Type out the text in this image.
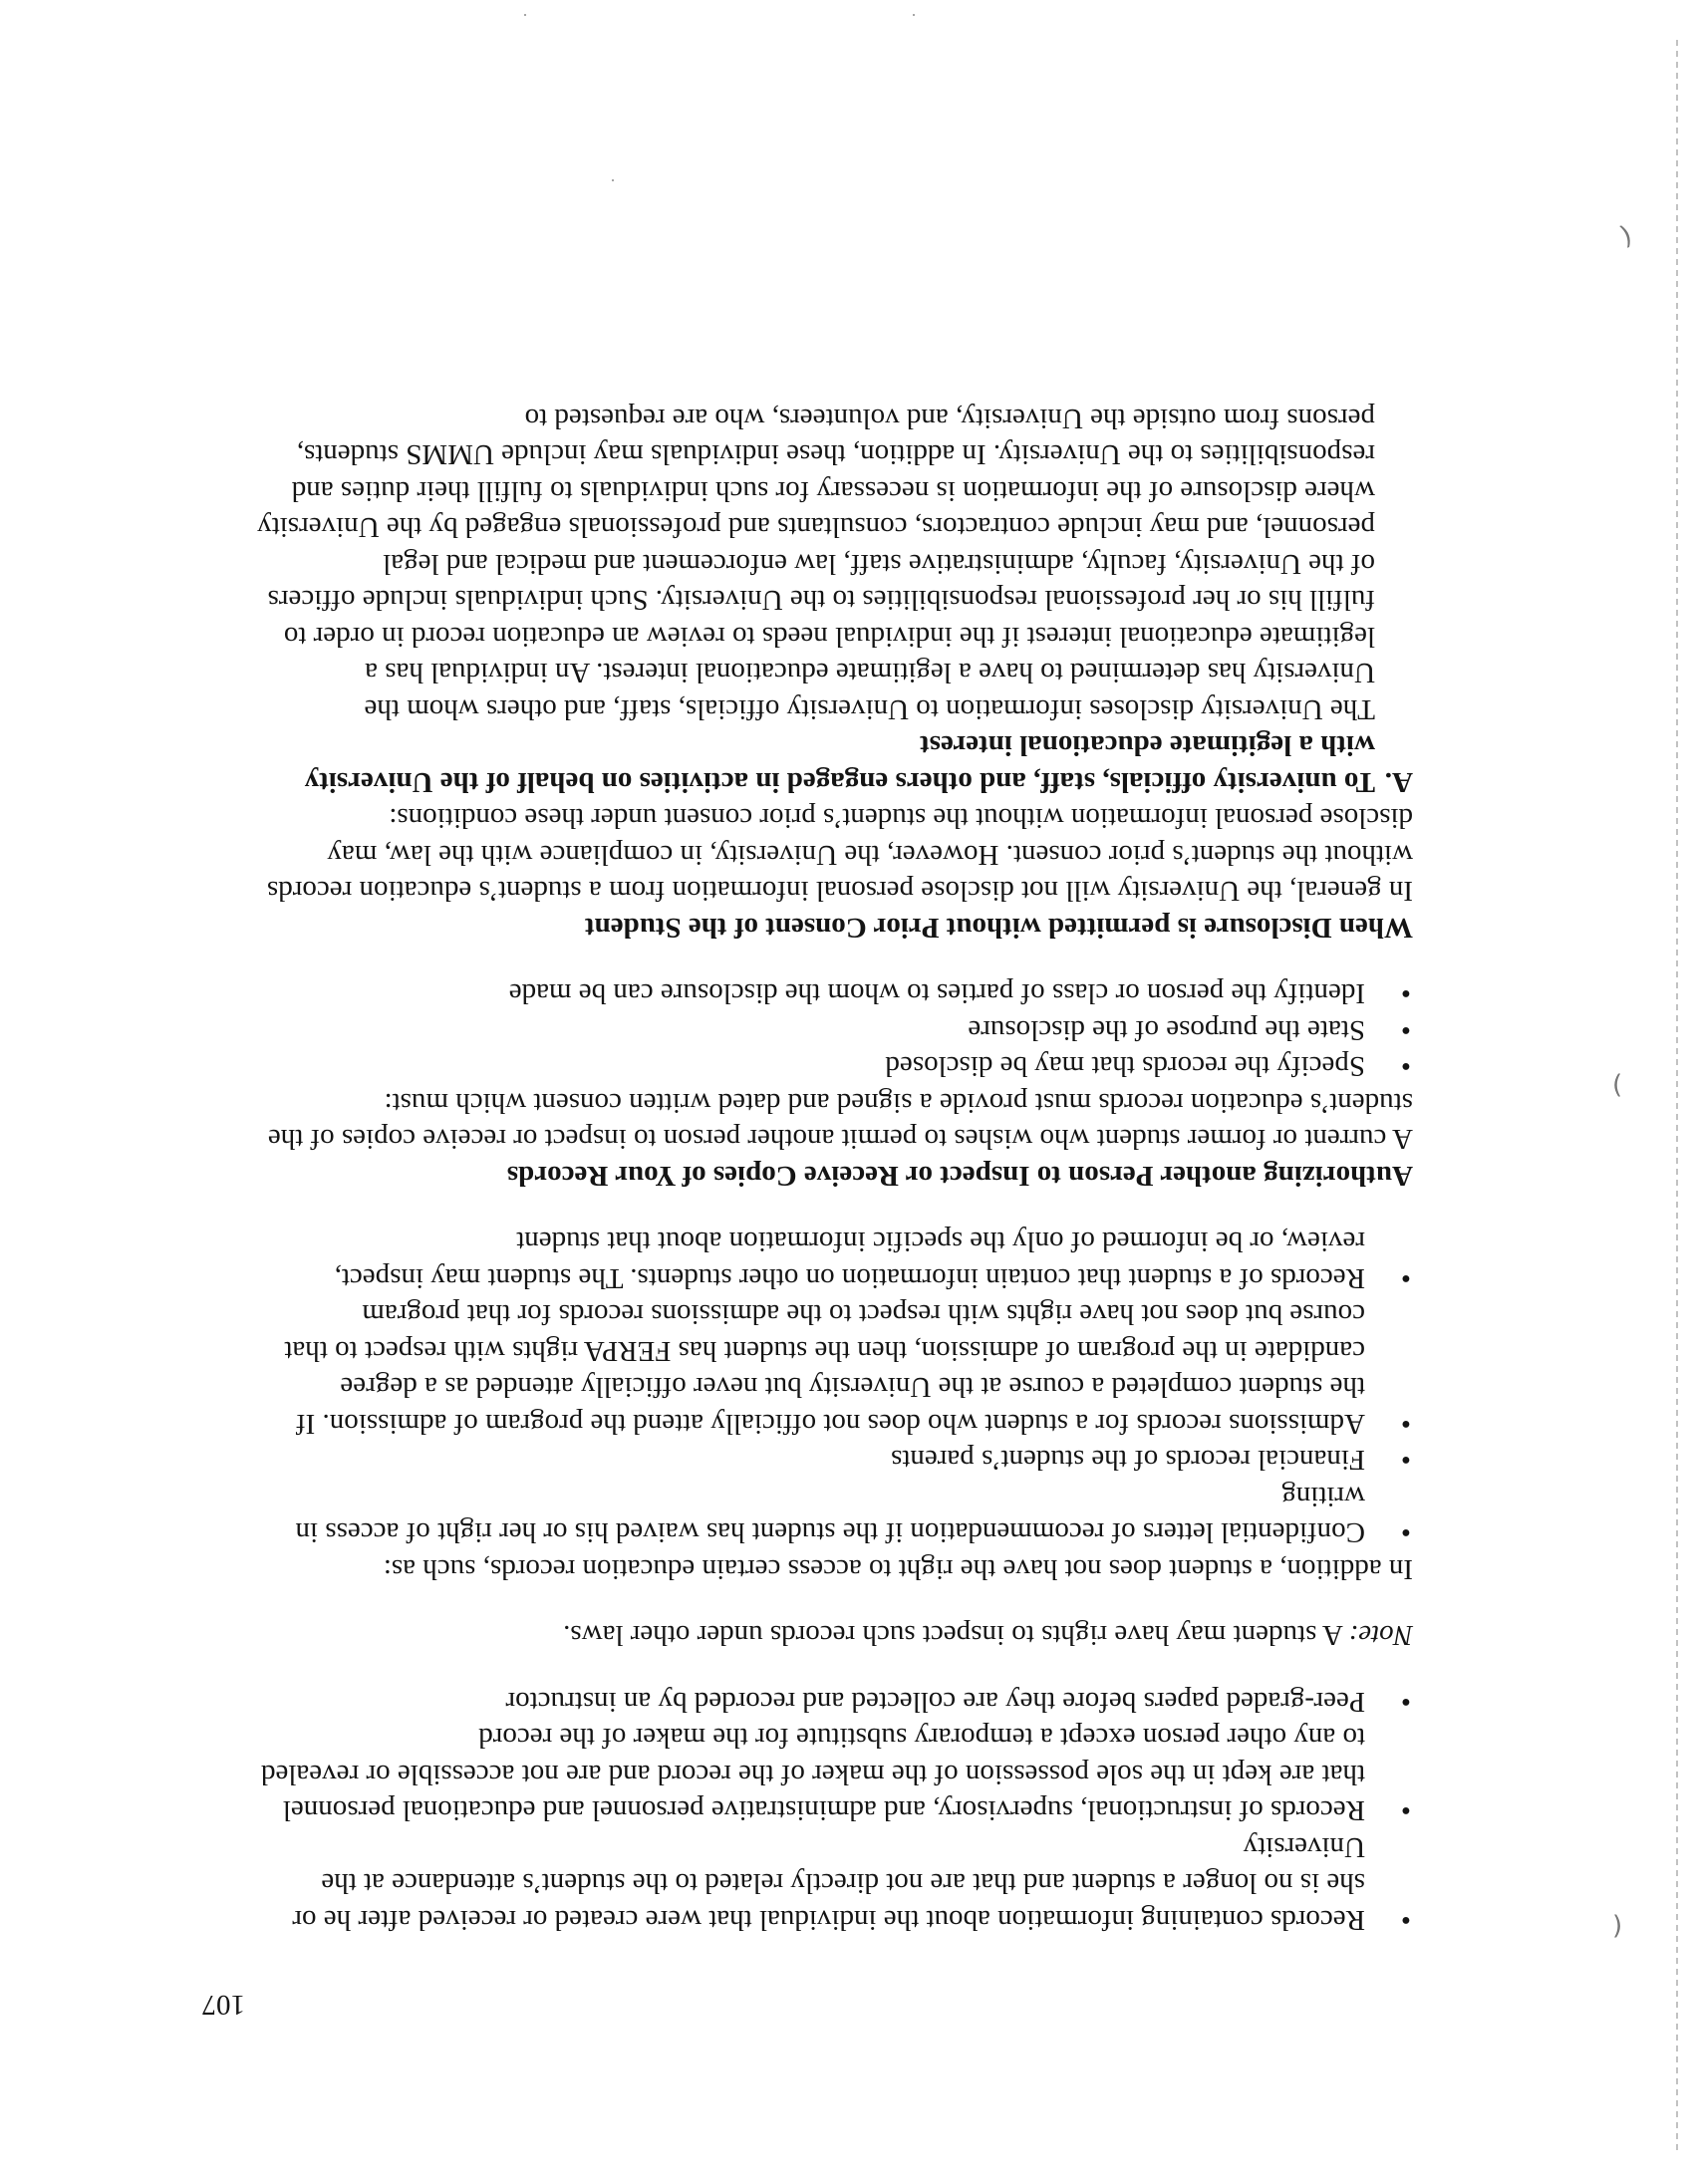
• Records containing information about the individual that were created or received after he or she is no longer a student and that are not directly related to the student’s attendance at the University
• Records of instructional, supervisory, and administrative personnel and educational personnel that are kept in the sole possession of the maker of the record and are not accessible or revealed to any other person except a temporary substitute for the maker of the record
• Peer-graded papers before they are collected and recorded by an instructor

Note: A student may have rights to inspect such records under other laws.

In addition, a student does not have the right to access certain education records, such as:

• Confidential letters of recommendation if the student has waived his or her right of access in writing
• Financial records of the student’s parents
• Admissions records for a student who does not officially attend the program of admission. If the student completed a course at the University but never officially attended as a degree candidate in the program of admission, then the student has FERPA rights with respect to that course but does not have rights with respect to the admissions records for that program
• Records of a student that contain information on other students. The student may inspect, review, or be informed of only the specific information about that student

Authorizing another Person to Inspect or Receive Copies of Your Records

A current or former student who wishes to permit another person to inspect or receive copies of the student’s education records must provide a signed and dated written consent which must:

• Specify the records that may be disclosed
• State the purpose of the disclosure
• Identify the person or class of parties to whom the disclosure can be made

When Disclosure is permitted without Prior Consent of the Student

In general, the University will not disclose personal information from a student’s education records without the student’s prior consent. However, the University, in compliance with the law, may disclose personal information without the student’s prior consent under these conditions:

A.To university officials, staff, and others engaged in activities on behalf of the University

with a legitimate educational interest

The University discloses information to University officials, staff, and others whom the University has determined to have a legitimate educational interest. An individual has a legitimate educational interest if the individual needs to review an education record in order to fulfill his or her professional responsibilities to the University. Such individuals include officers of the University, faculty, administrative staff, law enforcement and medical and legal personnel, and may include contractors, consultants and professionals engaged by the University where disclosure of the information is necessary for such individuals to fulfill their duties and responsibilities to the University. In addition, these individuals may include UMMS students, persons from outside the University, and volunteers, who are requested to

107
(
)
)
